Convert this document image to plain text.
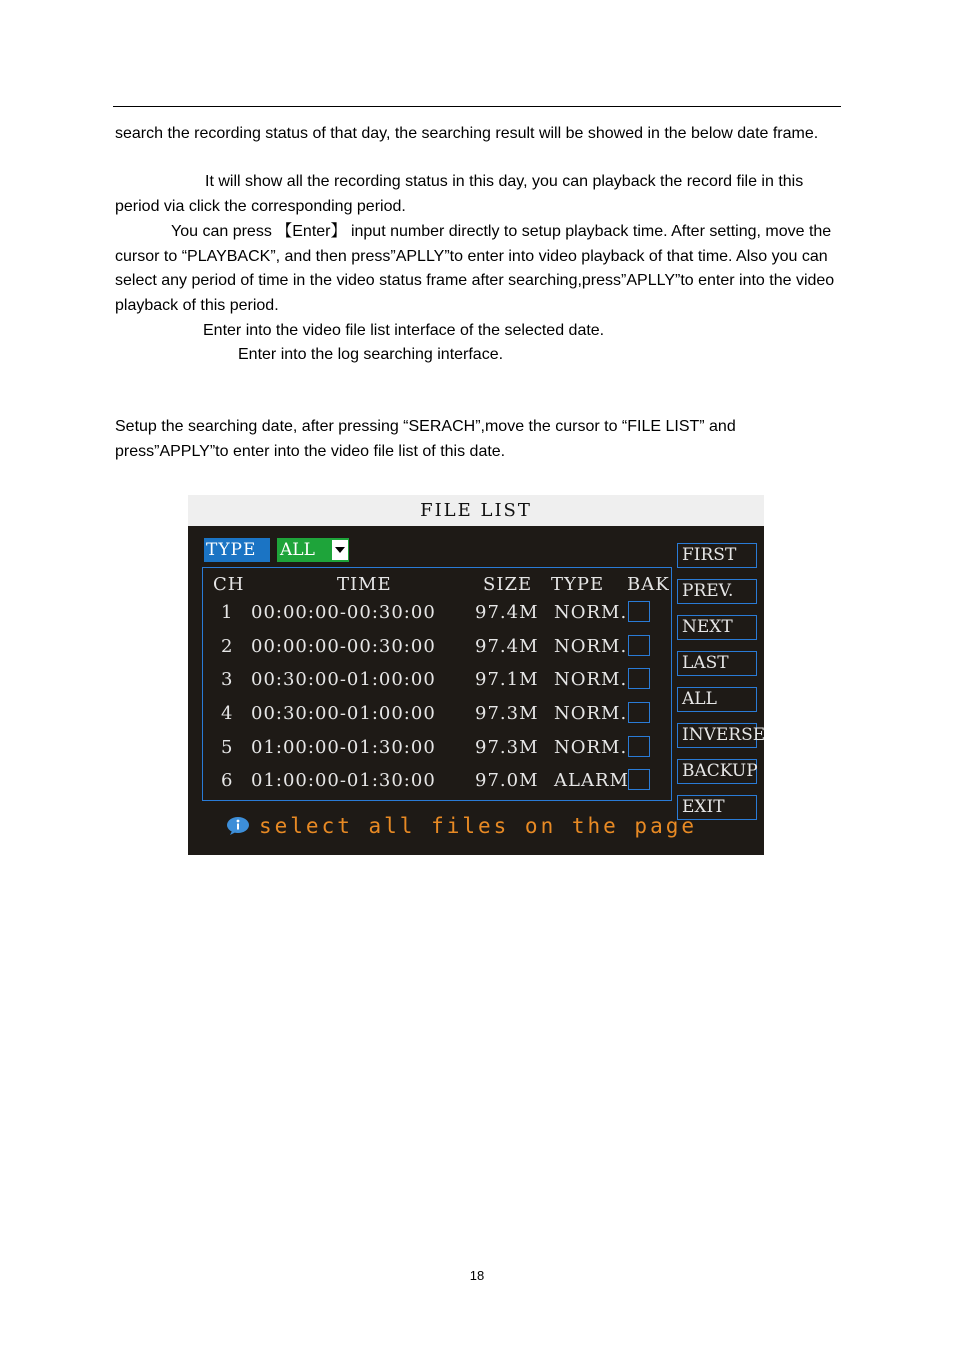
search the recording status of that day, the searching result will be showed in the below date frame.
It will show all the recording status in this day, you can playback the record file in this period via click the corresponding period.
You can press 【Enter】 input number directly to setup playback time. After setting, move the cursor to “PLAYBACK”, and then press”APLLY”to enter into video playback of that time. Also you can select any period of time in the video status frame after searching,press”APLLY”to enter into the video playback of this period.
Enter into the video file list interface of the selected date.
Enter into the log searching interface.
Setup the searching date, after pressing “SERACH”,move the cursor to “FILE LIST” and press”APPLY”to enter into the video file list of this date.
FILE LIST
TYPE	ALL
CH	TIME	SIZE TYPE BAK
1 00:00:00-00:30:00 97.4M NORM.
2 00:00:00-00:30:00 97.4M NORM.
3 00:30:00-01:00:00 97.1M NORM.
4 00:30:00-01:00:00 97.3M NORM.
5 01:00:00-01:30:00 97.3M NORM.
6 01:00:00-01:30:00 97.0M ALARM
FIRST
PREV.
NEXT
LAST
ALL
INVERSE
BACKUP
EXIT
select all files on the page
18
